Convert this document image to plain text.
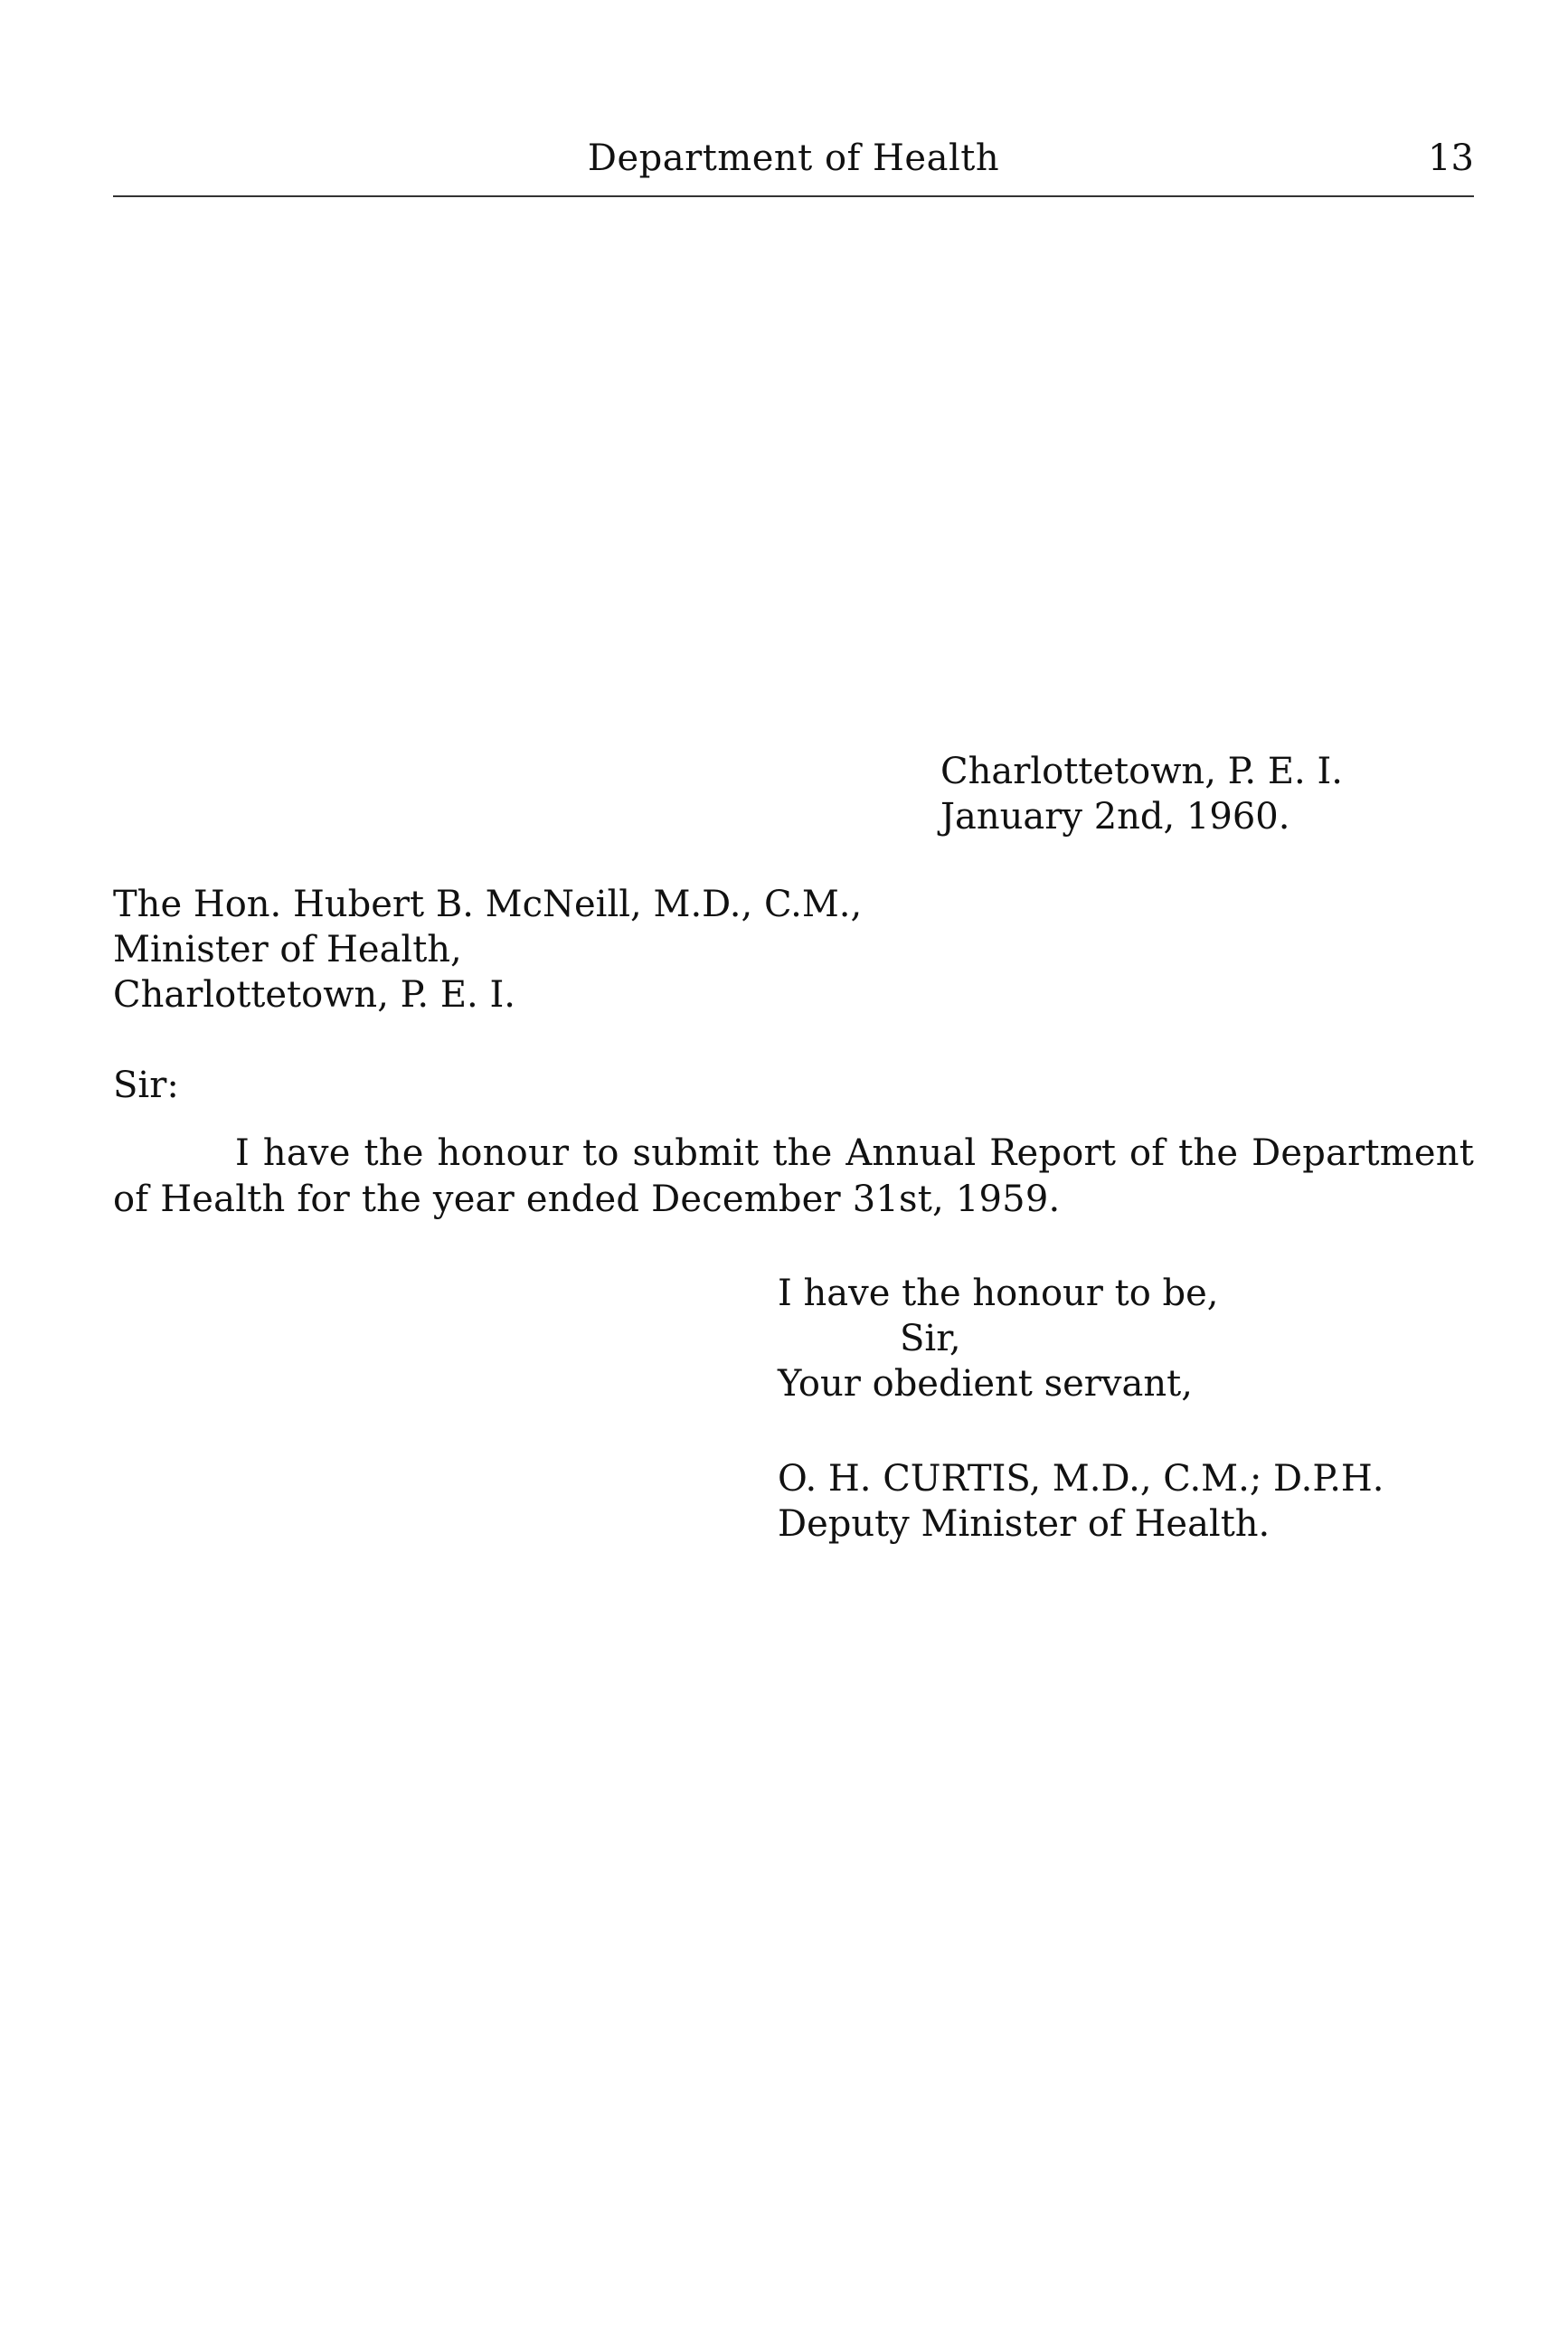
Department of Health	13
Charlottetown, P. E. I.
January 2nd, 1960.
The Hon. Hubert B. McNeill, M.D., C.M.,
Minister of Health,
Charlottetown, P. E. I.
Sir:
I have the honour to submit the Annual Report of the Department of Health for the year ended December 31st, 1959.
I have the honour to be,
Sir,
Your obedient servant,
O. H. CURTIS, M.D., C.M.; D.P.H.
Deputy Minister of Health.
